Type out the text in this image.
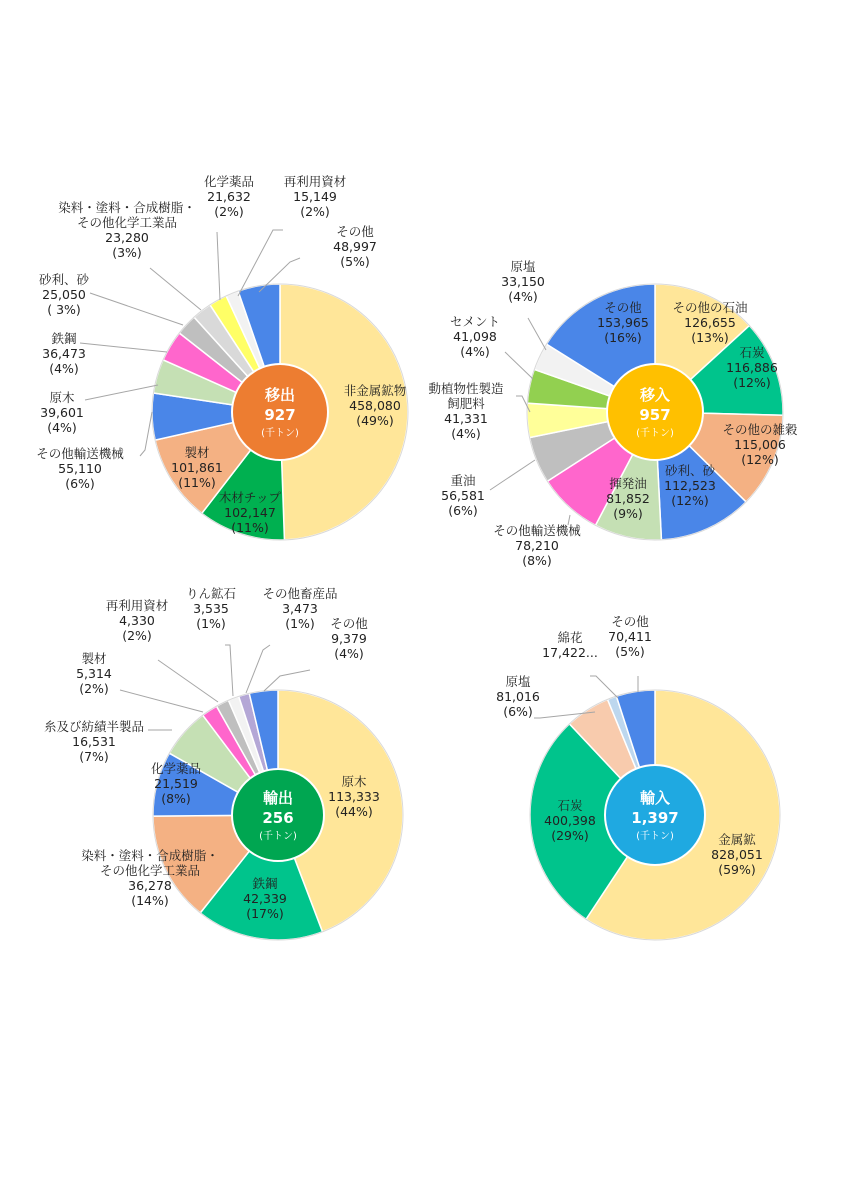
移出
927
(千トン)
非金属鉱物 458,080 (49%)
木材チップ 102,147 (11%)
製材 101,861 (11%)
その他輸送機械 55,110 (6%)
原木 39,601 (4%)
鉄鋼 36,473 (4%)
砂利、砂 25,050 ( 3%)
染料・塗料・合成樹脂・その他化学工業品 23,280 (3%)
化学薬品 21,632 (2%)
再利用資材 15,149 (2%)
その他 48,997 (5%)
移入
957
(千トン)
その他の石油 126,655 (13%)
石炭 116,886 (12%)
その他の雑穀 115,006 (12%)
砂利、砂 112,523 (12%)
揮発油 81,852 (9%)
その他輸送機械 78,210 (8%)
重油 56,581 (6%)
動植物性製造飼肥料 41,331 (4%)
セメント 41,098 (4%)
原塩 33,150 (4%)
その他 153,965 (16%)
輸出
256
(千トン)
原木 113,333 (44%)
鉄鋼 42,339 (17%)
染料・塗料・合成樹脂・その他化学工業品 36,278 (14%)
化学薬品 21,519 (8%)
糸及び紡績半製品 16,531 (7%)
製材 5,314 (2%)
再利用資材 4,330 (2%)
りん鉱石 3,535 (1%)
その他畜産品 3,473 (1%)	その他 9,379 (4%)
輸入
1,397
(千トン)	金属鉱 828,051 (59%)
石炭 400,398 (29%)
原塩 81,016 (6%)
綿花 17,422...
その他 70,411 (5%)
